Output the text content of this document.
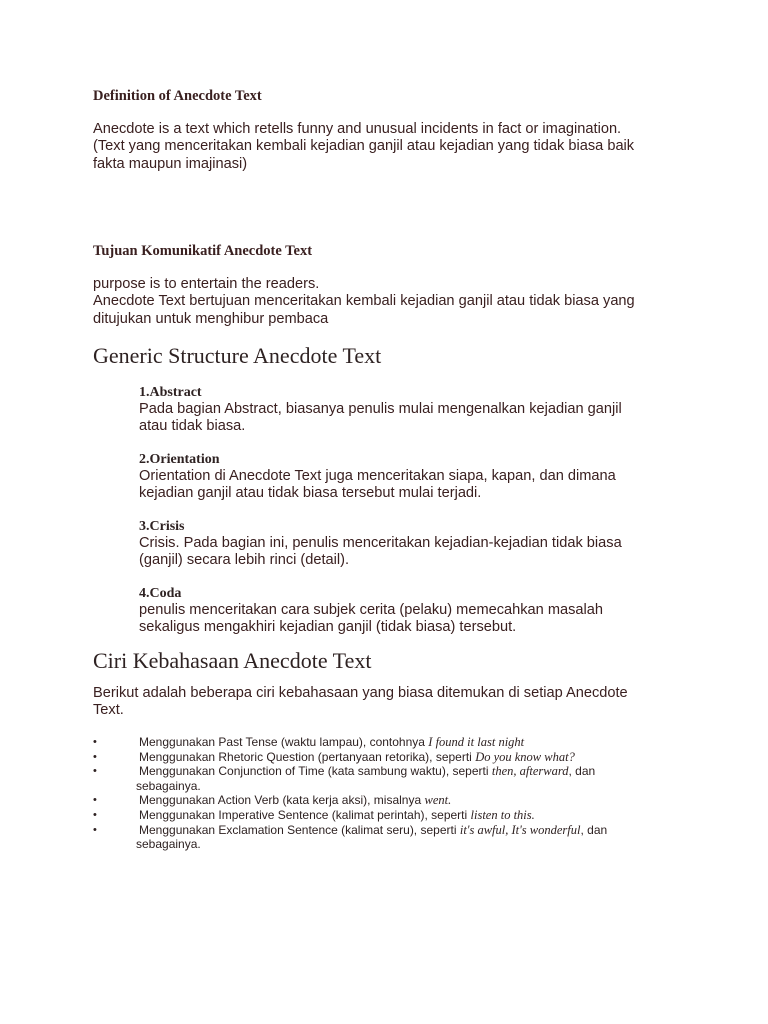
Definition of Anecdote Text

Anecdote is a text which retells funny and unusual incidents in fact or imagination.
(Text yang menceritakan kembali kejadian ganjil atau kejadian yang tidak biasa baik
fakta maupun imajinasi)

Tujuan Komunikatif Anecdote Text

purpose is to entertain the readers.
Anecdote Text bertujuan menceritakan kembali kejadian ganjil atau tidak biasa yang
ditujukan untuk menghibur pembaca

Generic Structure Anecdote Text

1.Abstract

Pada bagian Abstract, biasanya penulis mulai mengenalkan kejadian ganjil
atau tidak biasa.

2.Orientation

Orientation di Anecdote Text juga menceritakan siapa, kapan, dan dimana
kejadian ganjil atau tidak biasa tersebut mulai terjadi.

3.Crisis

Crisis. Pada bagian ini, penulis menceritakan kejadian-kejadian tidak biasa
(ganjil) secara lebih rinci (detail).

4.Coda

penulis menceritakan cara subjek cerita (pelaku) memecahkan masalah
sekaligus mengakhiri kejadian ganjil (tidak biasa) tersebut.

Ciri Kebahasaan Anecdote Text

Berikut adalah beberapa ciri kebahasaan yang biasa ditemukan di setiap Anecdote
Text.

•	Menggunakan Past Tense (waktu lampau), contohnya I found it last night
•	Menggunakan Rhetoric Question (pertanyaan retorika), seperti Do you know what?
•	Menggunakan Conjunction of Time (kata sambung waktu), seperti then, afterward, dan
sebagainya.
•	Menggunakan Action Verb (kata kerja aksi), misalnya went.
•	Menggunakan Imperative Sentence (kalimat perintah), seperti listen to this.
•	Menggunakan Exclamation Sentence (kalimat seru), seperti it's awful, It's wonderful, dan
sebagainya.
